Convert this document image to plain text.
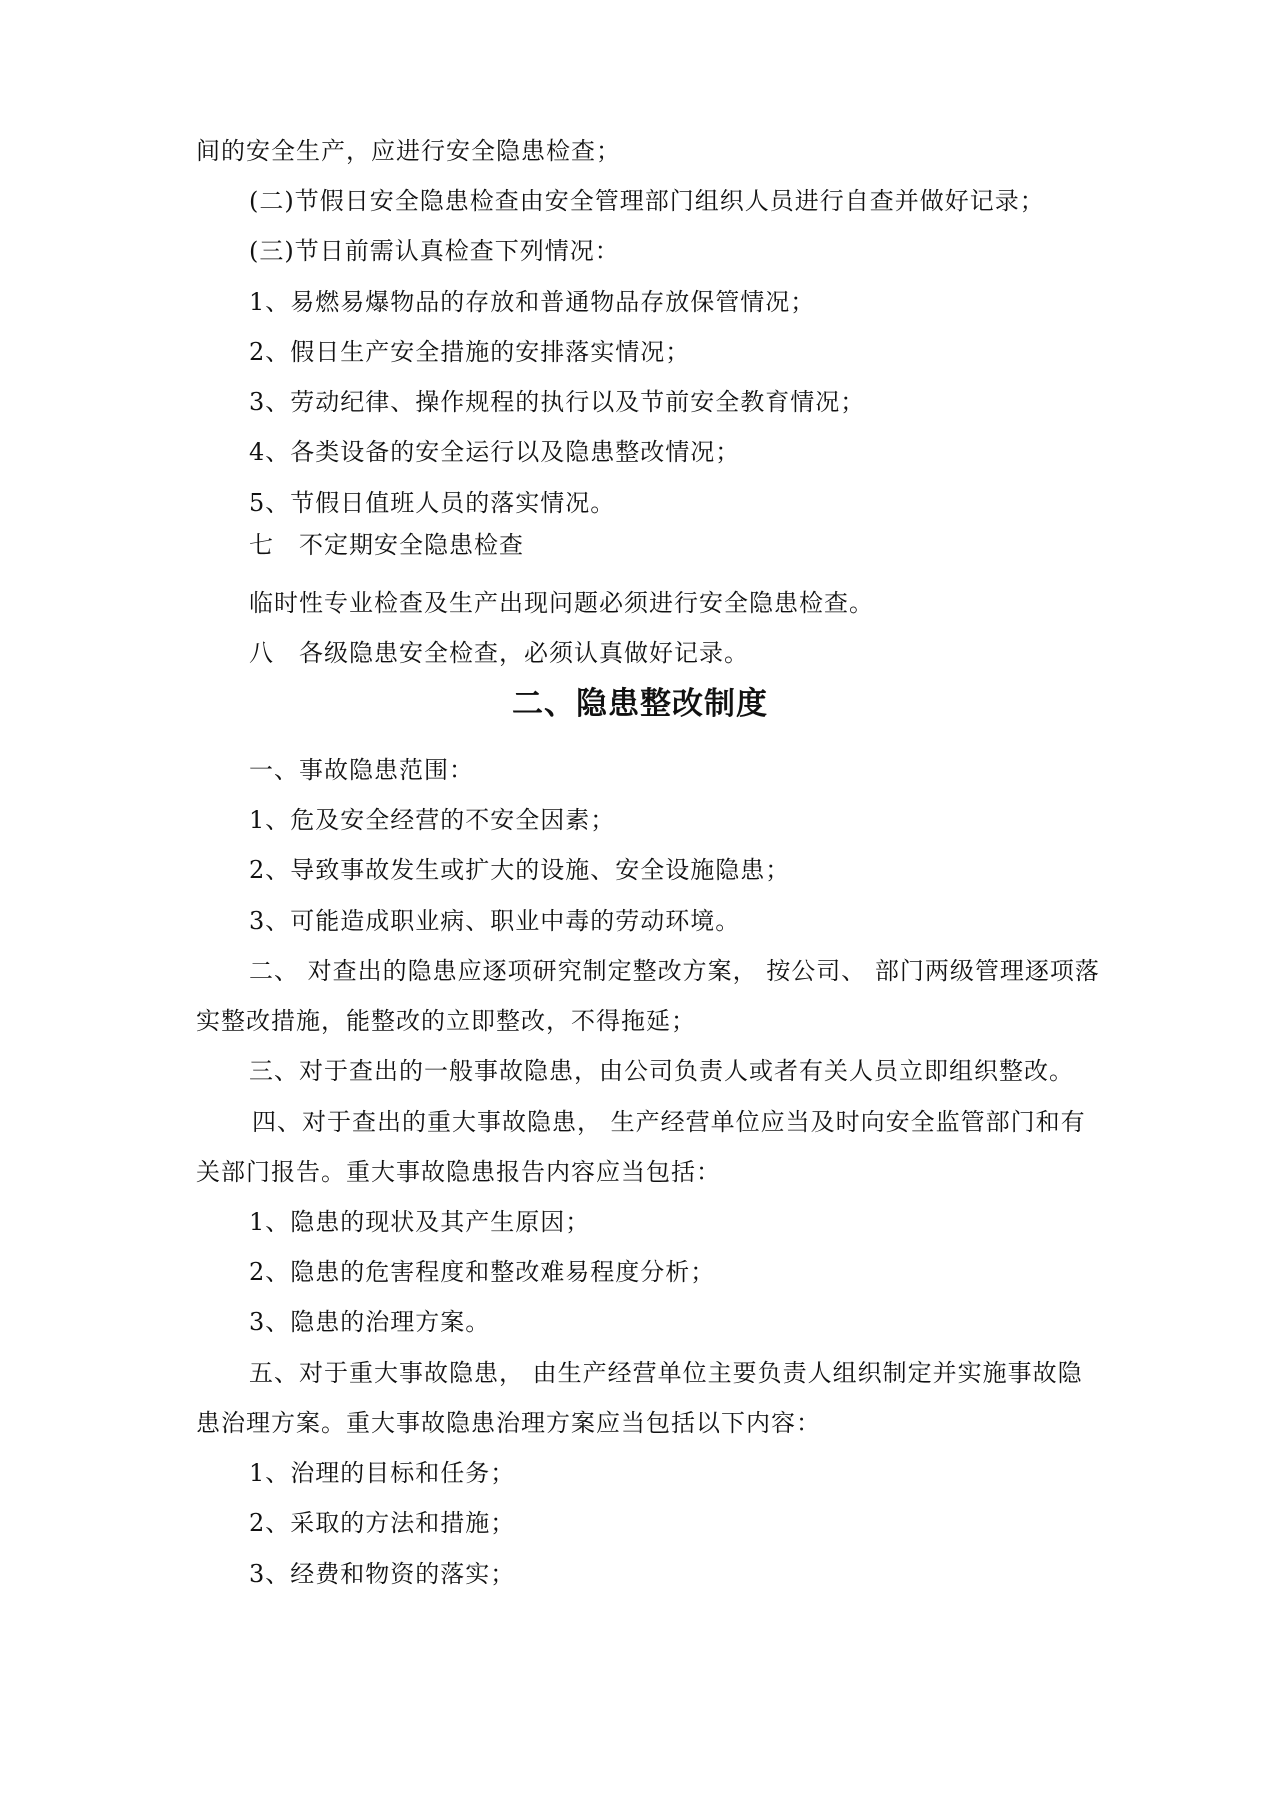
间的安全生产，应进行安全隐患检查；
(二)节假日安全隐患检查由安全管理部门组织人员进行自查并做好记录；
(三)节日前需认真检查下列情况：
1、易燃易爆物品的存放和普通物品存放保管情况；
2、假日生产安全措施的安排落实情况；
3、劳动纪律、操作规程的执行以及节前安全教育情况；
4、各类设备的安全运行以及隐患整改情况；
5、节假日值班人员的落实情况。
七　不定期安全隐患检查
临时性专业检查及生产出现问题必须进行安全隐患检查。
八　各级隐患安全检查，必须认真做好记录。
二、隐患整改制度
一、事故隐患范围：
1、危及安全经营的不安全因素；
2、导致事故发生或扩大的设施、安全设施隐患；
3、可能造成职业病、职业中毒的劳动环境。
二、 对查出的隐患应逐项研究制定整改方案， 按公司、 部门两级管理逐项落
实整改措施，能整改的立即整改，不得拖延；
三、对于查出的一般事故隐患，由公司负责人或者有关人员立即组织整改。
四、对于查出的重大事故隐患， 生产经营单位应当及时向安全监管部门和有
关部门报告。重大事故隐患报告内容应当包括：
1、隐患的现状及其产生原因；
2、隐患的危害程度和整改难易程度分析；
3、隐患的治理方案。
五、对于重大事故隐患， 由生产经营单位主要负责人组织制定并实施事故隐
患治理方案。重大事故隐患治理方案应当包括以下内容：
1、治理的目标和任务；
2、采取的方法和措施；
3、经费和物资的落实；
